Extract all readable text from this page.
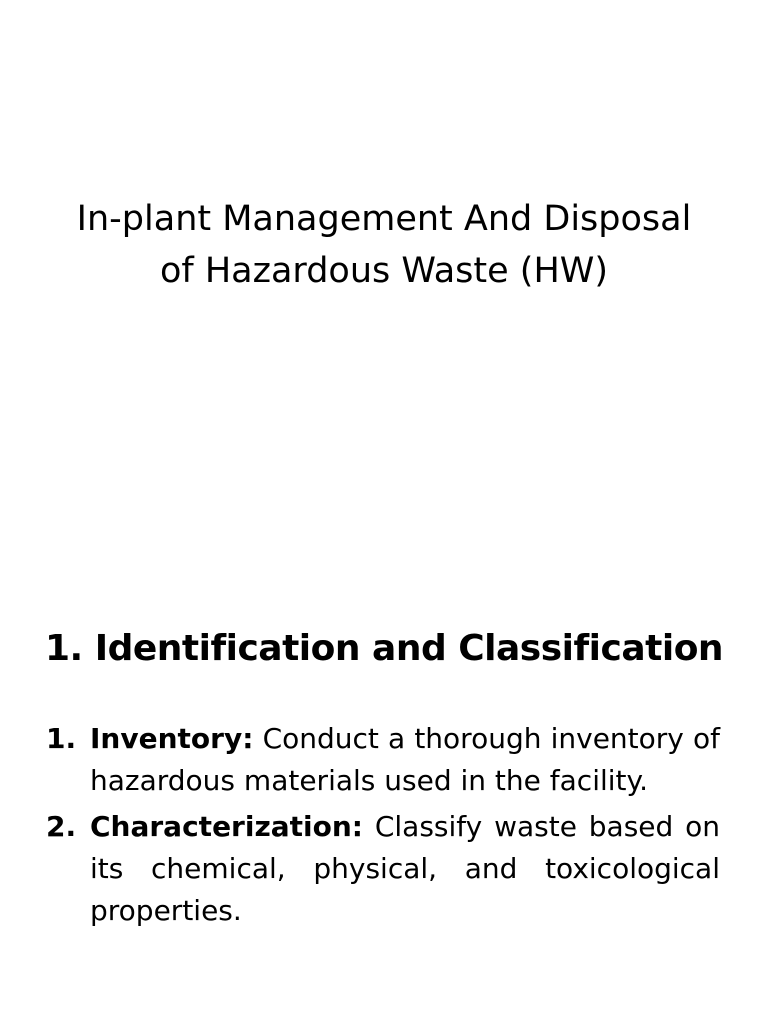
In-plant Management And Disposal
of Hazardous Waste (HW)
1. Identification and Classification
1. Inventory: Conduct a thorough inventory of hazardous materials used in the facility.
2. Characterization: Classify waste based on its chemical, physical, and toxicological properties.
